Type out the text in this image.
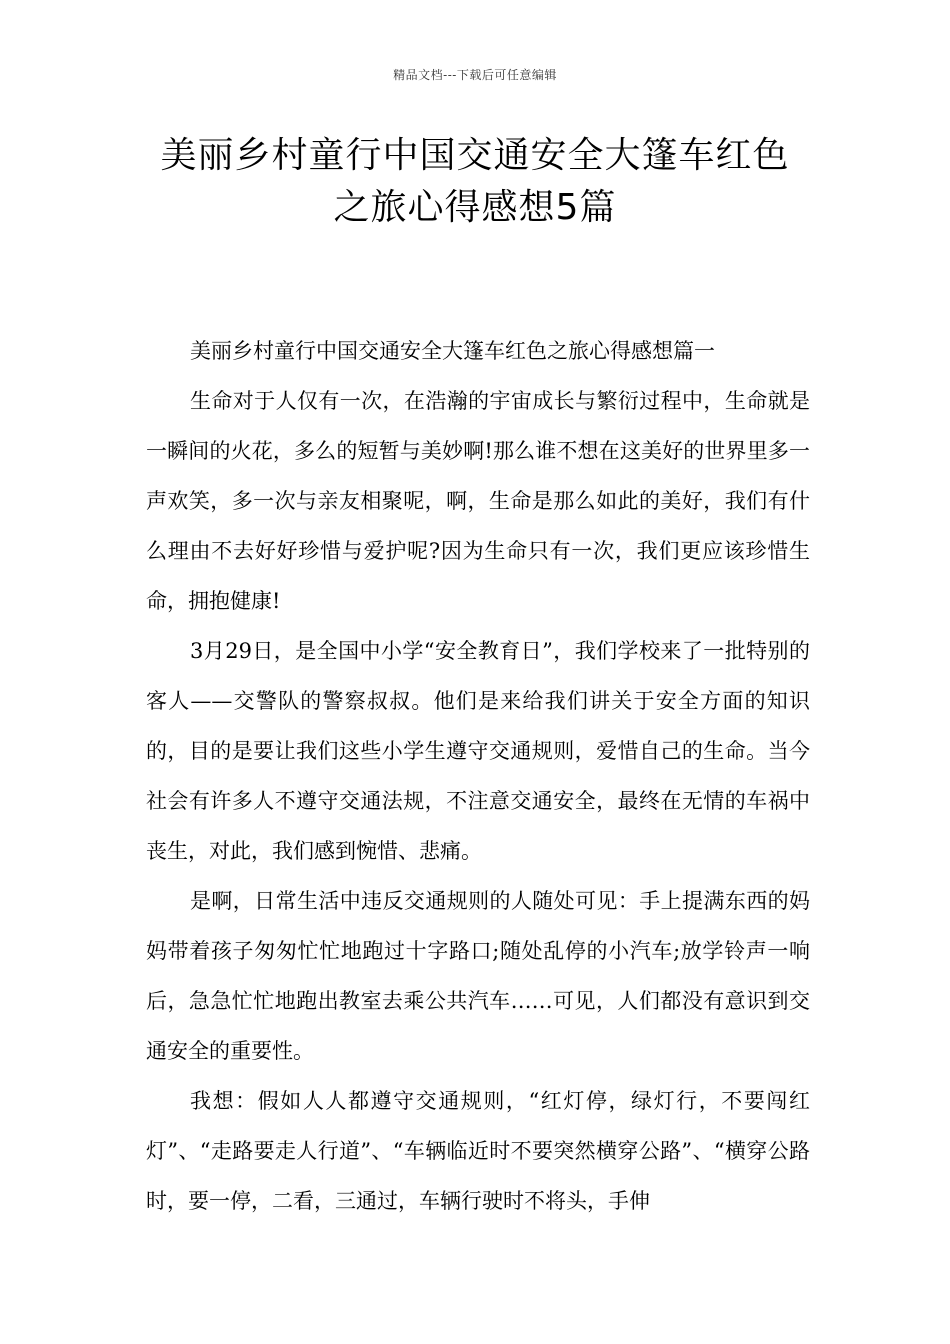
精品文档---下载后可任意编辑
美丽乡村童行中国交通安全大篷车红色
之旅心得感想5篇

美丽乡村童行中国交通安全大篷车红色之旅心得感想篇一

生命对于人仅有一次，在浩瀚的宇宙成长与繁衍过程中，生命就是一瞬间的火花，多么的短暂与美妙啊!那么谁不想在这美好的世界里多一声欢笑，多一次与亲友相聚呢，啊，生命是那么如此的美好，我们有什么理由不去好好珍惜与爱护呢?因为生命只有一次，我们更应该珍惜生命，拥抱健康!

3月29日，是全国中小学“安全教育日”，我们学校来了一批特别的客人——交警队的警察叔叔。他们是来给我们讲关于安全方面的知识的，目的是要让我们这些小学生遵守交通规则，爱惜自己的生命。当今社会有许多人不遵守交通法规，不注意交通安全，最终在无情的车祸中丧生，对此，我们感到惋惜、悲痛。

是啊，日常生活中违反交通规则的人随处可见：手上提满东西的妈妈带着孩子匆匆忙忙地跑过十字路口;随处乱停的小汽车;放学铃声一响后，急急忙忙地跑出教室去乘公共汽车……可见，人们都没有意识到交通安全的重要性。

我想：假如人人都遵守交通规则，“红灯停，绿灯行，不要闯红灯”、“走路要走人行道”、“车辆临近时不要突然横穿公路”、“横穿公路时，要一停，二看，三通过，车辆行驶时不将头，手伸
